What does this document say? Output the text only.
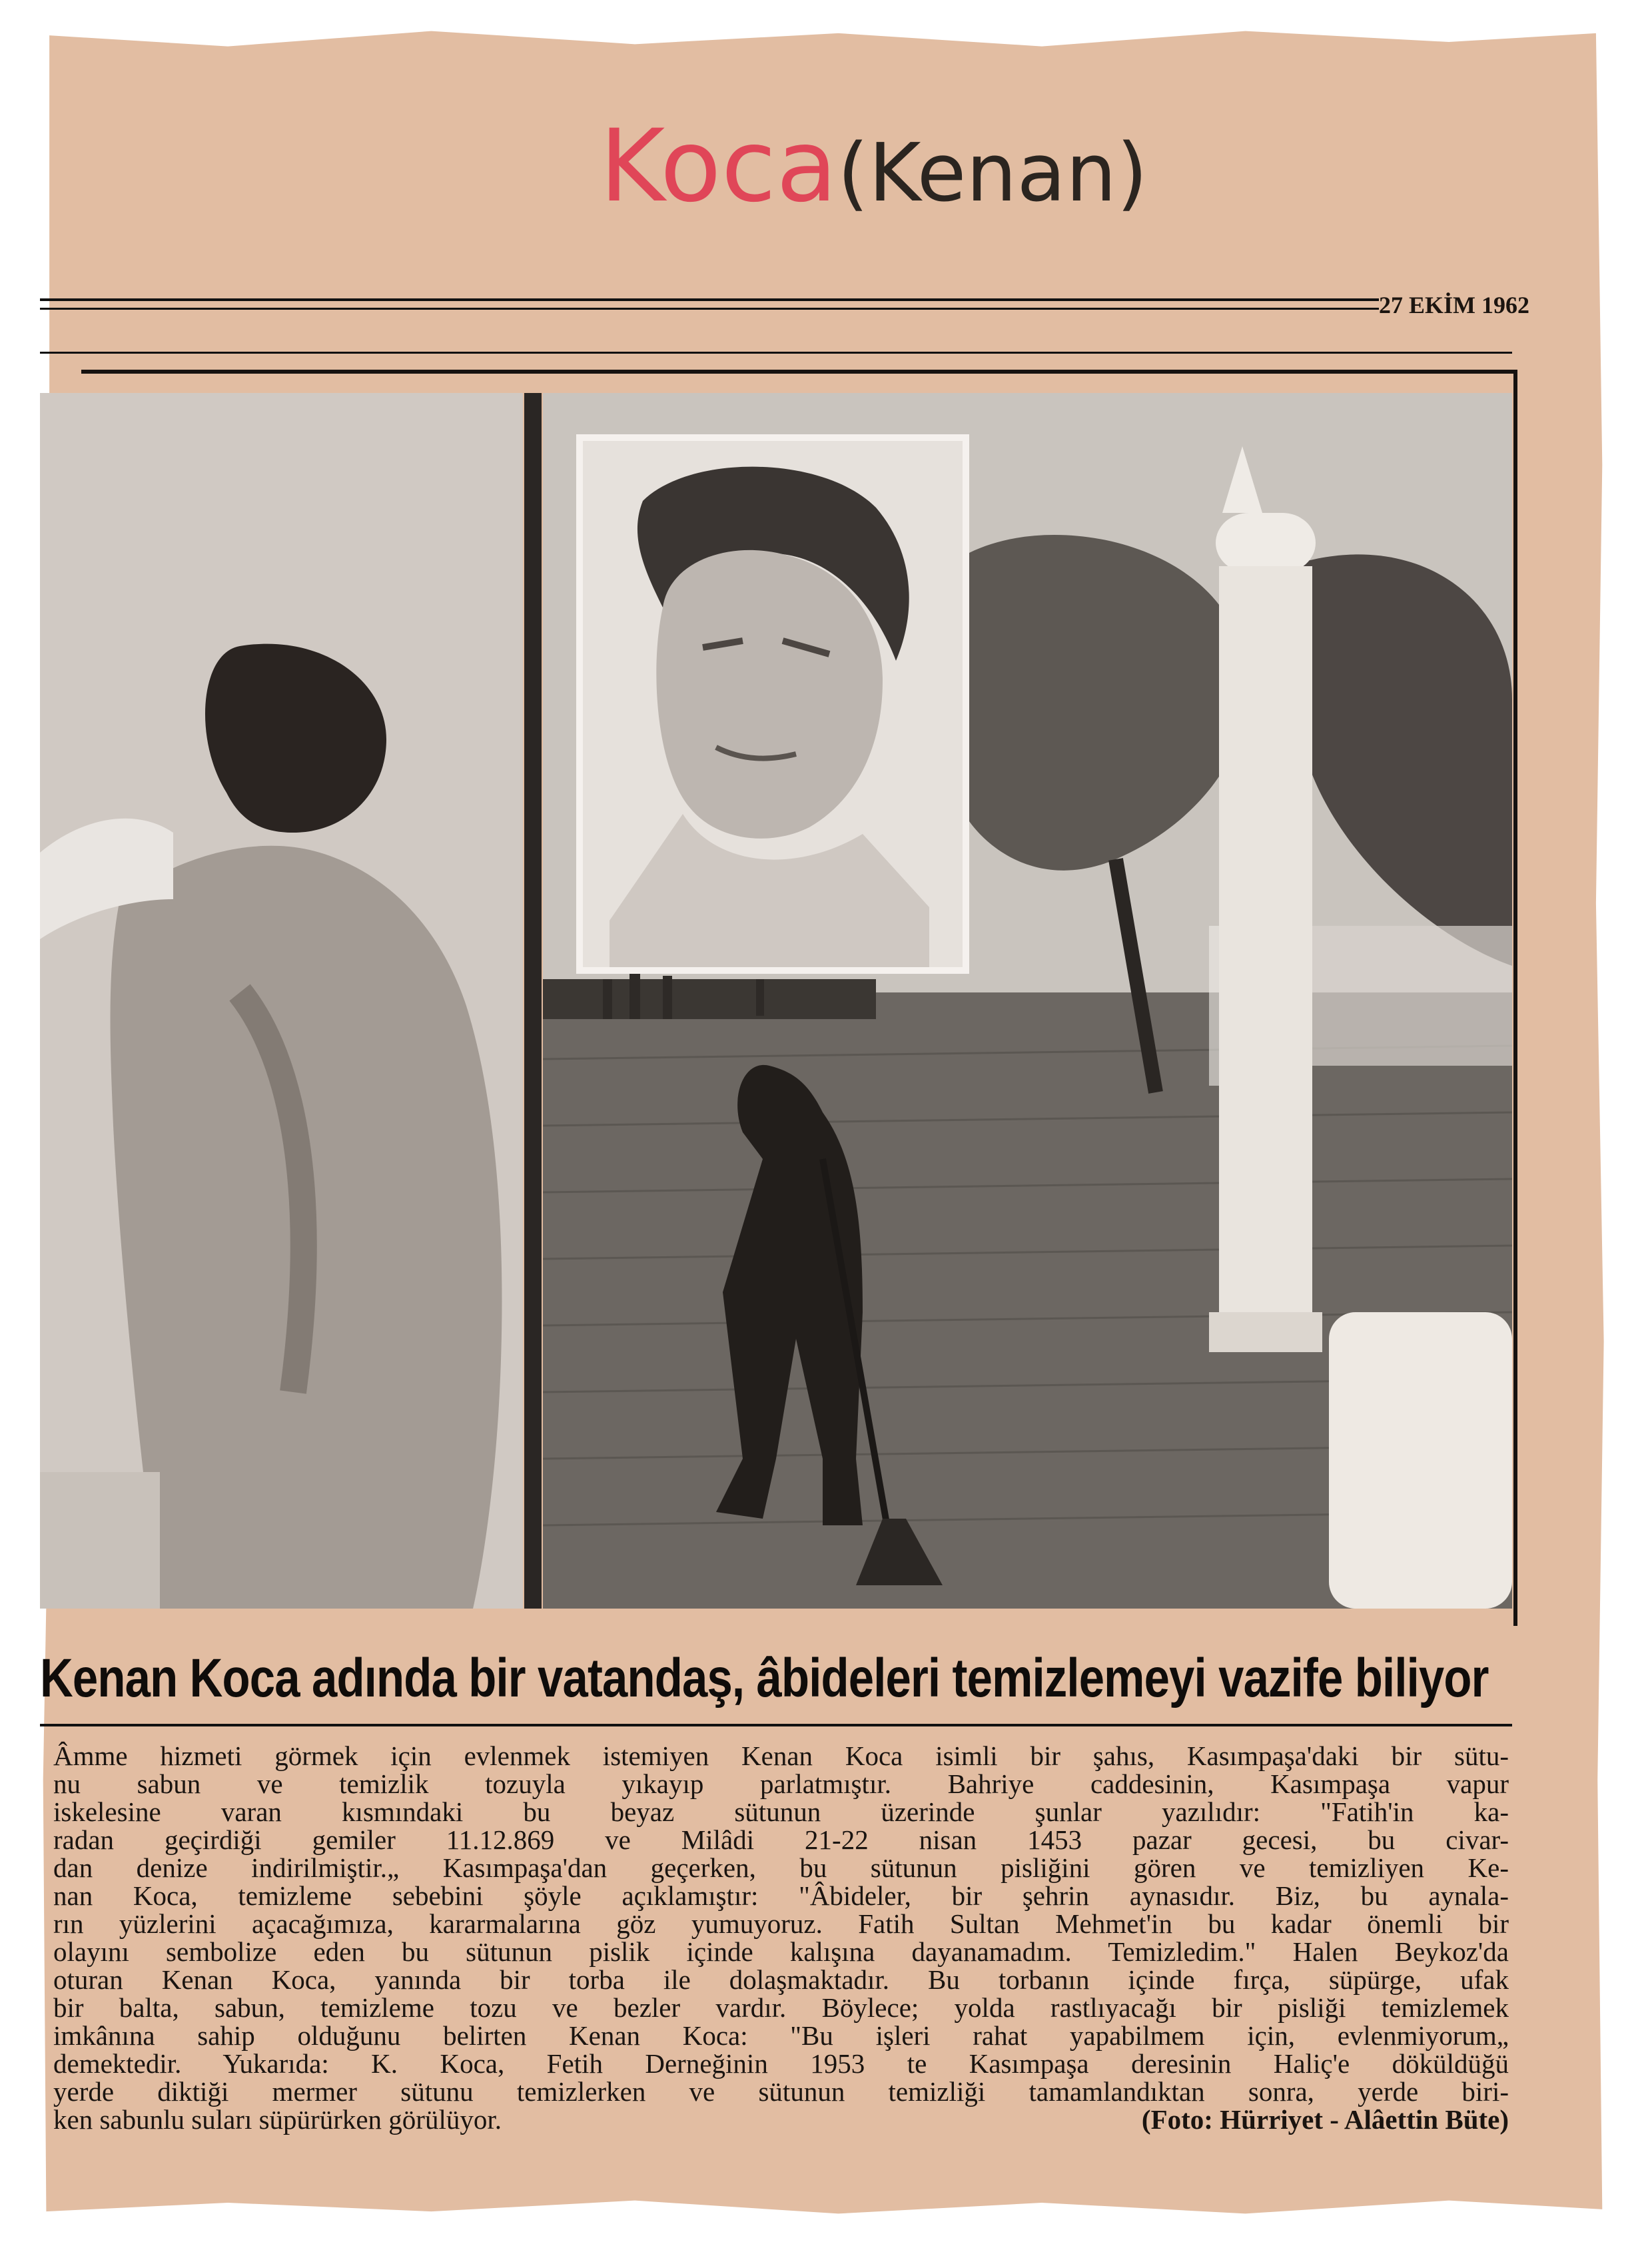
Koca(Kenan)
27 EKİM 1962
Kenan Koca adında bir vatandaş, âbideleri temizlemeyi vazife biliyor
Âmme hizmeti görmek için evlenmek istemiyen Kenan Koca isimli bir şahıs, Kasımpaşa'daki bir sütu-
nu sabun ve temizlik tozuyla yıkayıp parlatmıştır. Bahriye caddesinin, Kasımpaşa vapur
iskelesine varan kısmındaki bu beyaz sütunun üzerinde şunlar yazılıdır: "Fatih'in ka-
radan geçirdiği gemiler 11.12.869 ve Milâdi 21-22 nisan 1453 pazar gecesi, bu civar-
dan denize indirilmiştir.„ Kasımpaşa'dan geçerken, bu sütunun pisliğini gören ve temizliyen Ke-
nan Koca, temizleme sebebini şöyle açıklamıştır: "Âbideler, bir şehrin aynasıdır. Biz, bu aynala-
rın yüzlerini açacağımıza, kararmalarına göz yumuyoruz. Fatih Sultan Mehmet'in bu kadar önemli bir
olayını sembolize eden bu sütunun pislik içinde kalışına dayanamadım. Temizledim." Halen Beykoz'da
oturan Kenan Koca, yanında bir torba ile dolaşmaktadır. Bu torbanın içinde fırça, süpürge, ufak
bir balta, sabun, temizleme tozu ve bezler vardır. Böylece; yolda rastlıyacağı bir pisliği temizlemek
imkânına sahip olduğunu belirten Kenan Koca: "Bu işleri rahat yapabilmem için, evlenmiyorum„
demektedir. Yukarıda: K. Koca, Fetih Derneğinin 1953 te Kasımpaşa deresinin Haliç'e döküldüğü
yerde diktiği mermer sütunu temizlerken ve sütunun temizliği tamamlandıktan sonra, yerde biri-
ken sabunlu suları süpürürken görülüyor.	(Foto: Hürriyet - Alâettin Büte)
